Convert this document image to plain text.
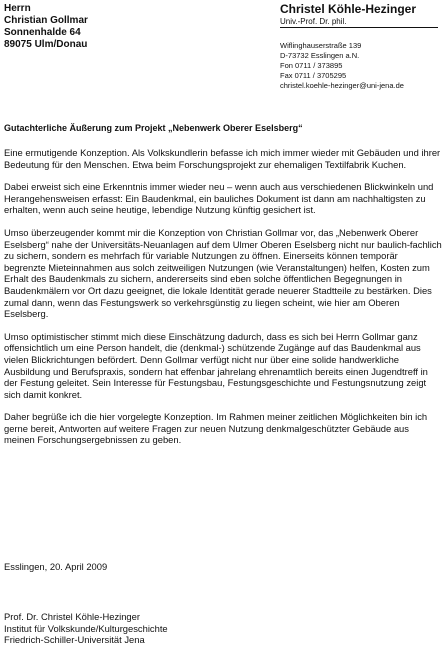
Herrn
Christian Gollmar
Sonnenhalde 64
89075 Ulm/Donau
Christel Köhle-Hezinger
Univ.-Prof. Dr. phil.
Wiflinghauserstraße 139
D-73732 Esslingen a.N.
Fon 0711 / 373895
Fax 0711 / 3705295
christel.koehle-hezinger@uni-jena.de
Gutachterliche Äußerung zum Projekt „Nebenwerk Oberer Eselsberg“

Eine ermutigende Konzeption. Als Volkskundlerin befasse ich mich immer wieder mit Gebäuden und ihrer Bedeutung für den Menschen. Etwa beim Forschungsprojekt zur ehemaligen Textilfabrik Kuchen.

Dabei erweist sich eine Erkenntnis immer wieder neu – wenn auch aus verschiedenen Blickwinkeln und Herangehensweisen erfasst: Ein Baudenkmal, ein bauliches Dokument ist dann am nachhaltigsten zu erhalten, wenn auch seine heutige, lebendige Nutzung künftig gesichert ist.

Umso überzeugender kommt mir die Konzeption von Christian Gollmar vor, das „Nebenwerk Oberer Eselsberg“ nahe der Universitäts-Neuanlagen auf dem Ulmer Oberen Eselsberg nicht nur baulich-fachlich zu sichern, sondern es mehrfach für variable Nutzungen zu öffnen. Einerseits können temporär begrenzte Mieteinnahmen aus solch zeitweiligen Nutzungen (wie Veranstaltungen) helfen, Kosten zum Erhalt des Baudenkmals zu sichern, andererseits sind eben solche öffentlichen Begegnungen in Baudenkmälern vor Ort dazu geeignet, die lokale Identität gerade neuerer Stadtteile zu bestärken. Dies zumal dann, wenn das Festungswerk so verkehrsgünstig zu liegen scheint, wie hier am Oberen Eselsberg.

Umso optimistischer stimmt mich diese Einschätzung dadurch, dass es sich bei Herrn Gollmar ganz offensichtlich um eine Person handelt, die (denkmal-) schützende Zugänge auf das Baudenkmal aus vielen Blickrichtungen befördert. Denn Gollmar verfügt nicht nur über eine solide handwerkliche Ausbildung und Berufspraxis, sondern hat effenbar jahrelang ehrenamtlich bereits einen Jugendtreff in der Festung geleitet. Sein Interesse für Festungsbau, Festungsgeschichte und Festungsnutzung zeigt sich damit konkret.

Daher begrüße ich die hier vorgelegte Konzeption. Im Rahmen meiner zeitlichen Möglichkeiten bin ich gerne bereit, Antworten auf weitere Fragen zur neuen Nutzung denkmalgeschützter Gebäude aus meinen Forschungsergebnissen zu geben.

Esslingen, 20. April 2009
Prof. Dr. Christel Köhle-Hezinger
Institut für Volkskunde/Kulturgeschichte
Friedrich-Schiller-Universität Jena
